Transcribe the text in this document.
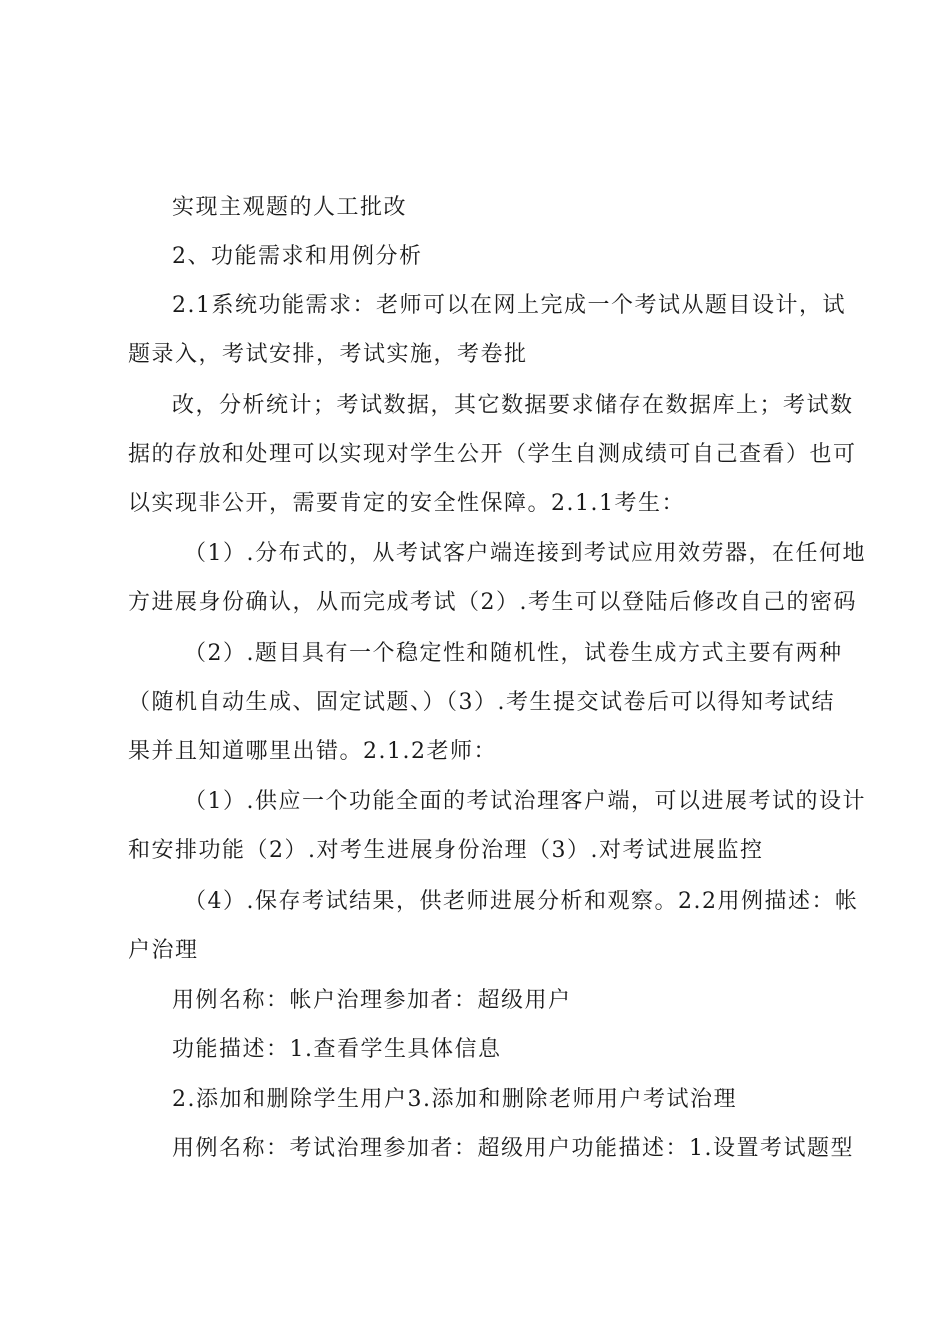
实现主观题的人工批改
2、功能需求和用例分析
2.1系统功能需求：老师可以在网上完成一个考试从题目设计，试
题录入，考试安排，考试实施，考卷批
改，分析统计；考试数据，其它数据要求储存在数据库上；考试数
据的存放和处理可以实现对学生公开（学生自测成绩可自己查看）也可
以实现非公开，需要肯定的安全性保障。2.1.1考生：
（1）.分布式的，从考试客户端连接到考试应用效劳器，在任何地
方进展身份确认，从而完成考试（2）.考生可以登陆后修改自己的密码
（2）.题目具有一个稳定性和随机性，试卷生成方式主要有两种
（随机自动生成、固定试题、）（3）.考生提交试卷后可以得知考试结
果并且知道哪里出错。2.1.2老师：
（1）.供应一个功能全面的考试治理客户端，可以进展考试的设计
和安排功能（2）.对考生进展身份治理（3）.对考试进展监控
（4）.保存考试结果，供老师进展分析和观察。2.2用例描述：帐
户治理
用例名称：帐户治理参加者：超级用户
功能描述：1.查看学生具体信息
2.添加和删除学生用户3.添加和删除老师用户考试治理
用例名称：考试治理参加者：超级用户功能描述：1.设置考试题型
